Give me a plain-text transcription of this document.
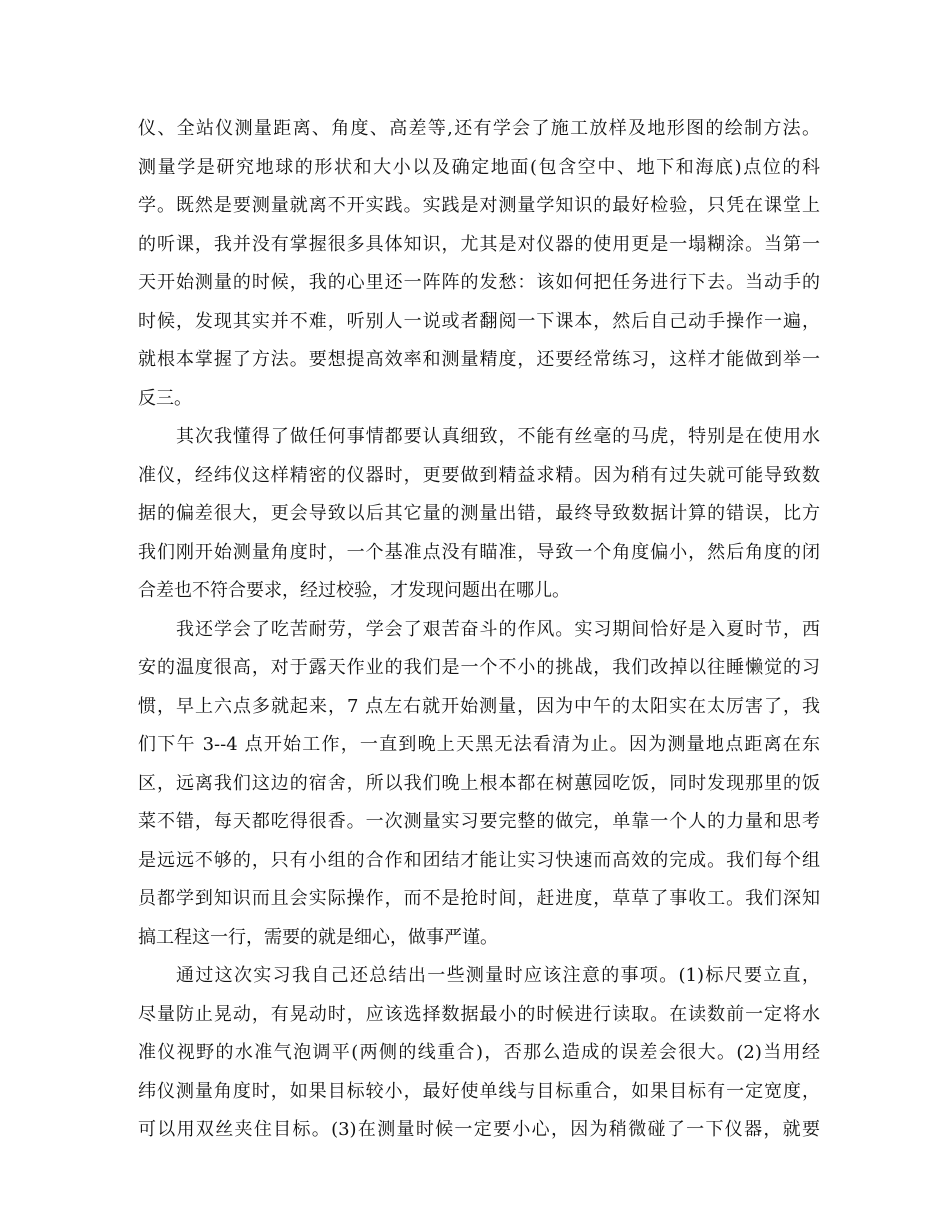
仪、全站仪测量距离、角度、高差等,还有学会了施工放样及地形图的绘制方法。
测量学是研究地球的形状和大小以及确定地面(包含空中、地下和海底)点位的科
学。既然是要测量就离不开实践。实践是对测量学知识的最好检验，只凭在课堂上
的听课，我并没有掌握很多具体知识，尤其是对仪器的使用更是一塌糊涂。当第一
天开始测量的时候，我的心里还一阵阵的发愁：该如何把任务进行下去。当动手的
时候，发现其实并不难，听别人一说或者翻阅一下课本，然后自己动手操作一遍，
就根本掌握了方法。要想提高效率和测量精度，还要经常练习，这样才能做到举一
反三。
其次我懂得了做任何事情都要认真细致，不能有丝毫的马虎，特别是在使用水
准仪，经纬仪这样精密的仪器时，更要做到精益求精。因为稍有过失就可能导致数
据的偏差很大，更会导致以后其它量的测量出错，最终导致数据计算的错误，比方
我们刚开始测量角度时，一个基准点没有瞄准，导致一个角度偏小，然后角度的闭
合差也不符合要求，经过校验，才发现问题出在哪儿。
我还学会了吃苦耐劳，学会了艰苦奋斗的作风。实习期间恰好是入夏时节，西
安的温度很高，对于露天作业的我们是一个不小的挑战，我们改掉以往睡懒觉的习
惯，早上六点多就起来，7 点左右就开始测量，因为中午的太阳实在太厉害了，我
们下午 3--4 点开始工作，一直到晚上天黑无法看清为止。因为测量地点距离在东
区，远离我们这边的宿舍，所以我们晚上根本都在树蕙园吃饭，同时发现那里的饭
菜不错，每天都吃得很香。一次测量实习要完整的做完，单靠一个人的力量和思考
是远远不够的，只有小组的合作和团结才能让实习快速而高效的完成。我们每个组
员都学到知识而且会实际操作，而不是抢时间，赶进度，草草了事收工。我们深知
搞工程这一行，需要的就是细心，做事严谨。
通过这次实习我自己还总结出一些测量时应该注意的事项。(1)标尺要立直，
尽量防止晃动，有晃动时，应该选择数据最小的时候进行读取。在读数前一定将水
准仪视野的水准气泡调平(两侧的线重合)，否那么造成的误差会很大。(2)当用经
纬仪测量角度时，如果目标较小，最好使单线与目标重合，如果目标有一定宽度，
可以用双丝夹住目标。(3)在测量时候一定要小心，因为稍微碰了一下仪器，就要
